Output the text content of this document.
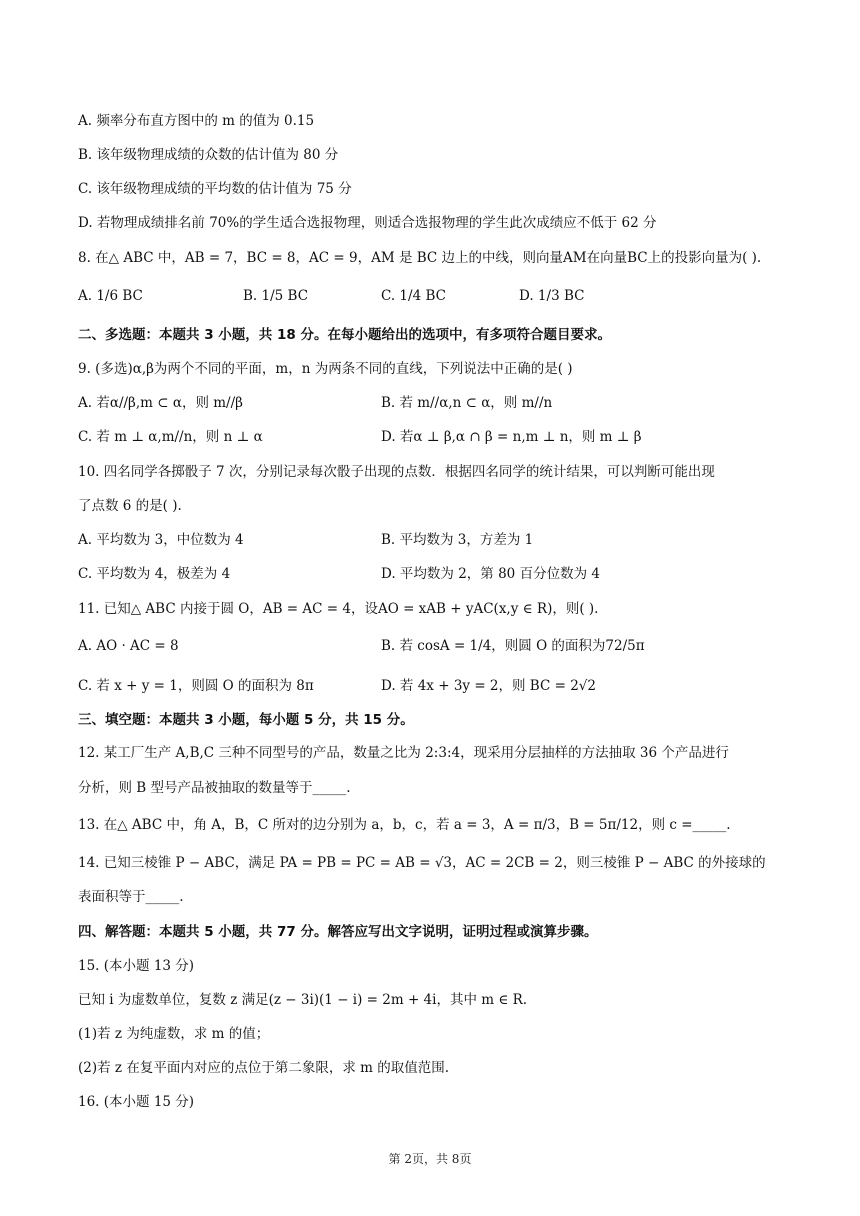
A. 频率分布直方图中的 m 的值为 0.15
B. 该年级物理成绩的众数的估计值为 80 分
C. 该年级物理成绩的平均数的估计值为 75 分
D. 若物理成绩排名前 70%的学生适合选报物理，则适合选报物理的学生此次成绩应不低于 62 分
8. 在△ ABC 中，AB = 7，BC = 8，AC = 9，AM 是 BC 边上的中线，则向量AM在向量BC上的投影向量为( ).
A. 1/6 BC	B. 1/5 BC	C. 1/4 BC	D. 1/3 BC
二、多选题：本题共 3 小题，共 18 分。在每小题给出的选项中，有多项符合题目要求。
9. (多选)α,β为两个不同的平面，m，n 为两条不同的直线，下列说法中正确的是( )
A. 若α//β,m ⊂ α，则 m//β	B. 若 m//α,n ⊂ α，则 m//n
C. 若 m ⊥ α,m//n，则 n ⊥ α	D. 若α ⊥ β,α ∩ β = n,m ⊥ n，则 m ⊥ β
10. 四名同学各掷骰子 7 次，分别记录每次骰子出现的点数．根据四名同学的统计结果，可以判断可能出现
了点数 6 的是( ).
A. 平均数为 3，中位数为 4	B. 平均数为 3，方差为 1
C. 平均数为 4，极差为 4	D. 平均数为 2，第 80 百分位数为 4
11. 已知△ ABC 内接于圆 O，AB = AC = 4，设AO = xAB + yAC(x,y ∈ R)，则( ).
A. AO · AC = 8	B. 若 cosA = 1/4，则圆 O 的面积为72/5π
C. 若 x + y = 1，则圆 O 的面积为 8π	D. 若 4x + 3y = 2，则 BC = 2√2
三、填空题：本题共 3 小题，每小题 5 分，共 15 分。
12. 某工厂生产 A,B,C 三种不同型号的产品，数量之比为 2:3:4，现采用分层抽样的方法抽取 36 个产品进行
分析，则 B 型号产品被抽取的数量等于_____.
13. 在△ ABC 中，角 A，B，C 所对的边分别为 a，b，c，若 a = 3，A = π/3，B = 5π/12，则 c =_____.
14. 已知三棱锥 P − ABC，满足 PA = PB = PC = AB = √3，AC = 2CB = 2，则三棱锥 P − ABC 的外接球的
表面积等于_____.
四、解答题：本题共 5 小题，共 77 分。解答应写出文字说明，证明过程或演算步骤。
15. (本小题 13 分)
已知 i 为虚数单位，复数 z 满足(z − 3i)(1 − i) = 2m + 4i，其中 m ∈ R.
(1)若 z 为纯虚数，求 m 的值；
(2)若 z 在复平面内对应的点位于第二象限，求 m 的取值范围.
16. (本小题 15 分)
第 2页，共 8页
